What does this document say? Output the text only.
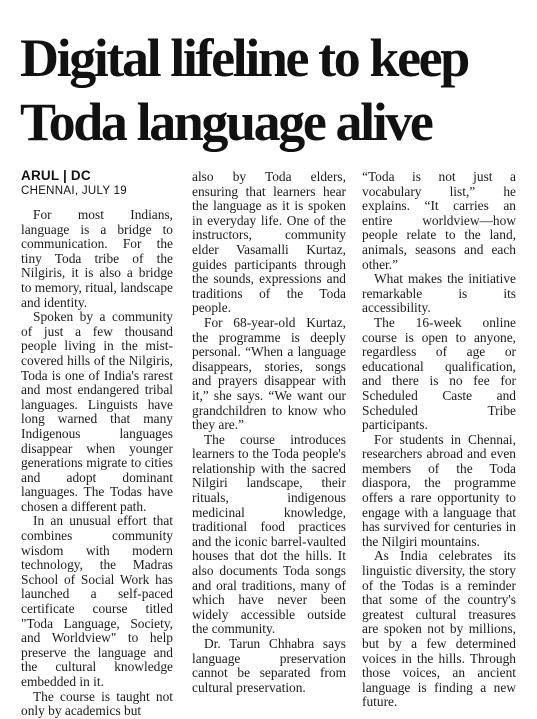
Digital lifeline to keep
Toda language alive
ARUL | DC
CHENNAI, JULY 19

For most Indians, language is a bridge to communication. For the tiny Toda tribe of the Nilgiris, it is also a bridge to memory, ritual, landscape and identity.

Spoken by a community of just a few thousand people living in the mist-covered hills of the Nilgiris, Toda is one of India's rarest and most endangered tribal languages. Linguists have long warned that many Indigenous languages disappear when younger generations migrate to cities and adopt dominant languages. The Todas have chosen a different path.

In an unusual effort that combines community wisdom with modern technology, the Madras School of Social Work has launched a self-paced certificate course titled "Toda Language, Society, and Worldview" to help preserve the language and the cultural knowledge embedded in it.

The course is taught not only by academics but

also by Toda elders, ensuring that learners hear the language as it is spoken in everyday life. One of the instructors, community elder Vasamalli Kurtaz, guides participants through the sounds, expressions and traditions of the Toda people.

For 68-year-old Kurtaz, the programme is deeply personal. “When a language disappears, stories, songs and prayers disappear with it,” she says. “We want our grandchildren to know who they are.”

The course introduces learners to the Toda people's relationship with the sacred Nilgiri landscape, their rituals, indigenous medicinal knowledge, traditional food practices and the iconic barrel-vaulted houses that dot the hills. It also documents Toda songs and oral traditions, many of which have never been widely accessible outside the community.

Dr. Tarun Chhabra says language preservation cannot be separated from cultural preservation.

“Toda is not just a vocabulary list,” he explains. “It carries an entire worldview—how people relate to the land, animals, seasons and each other.”

What makes the initiative remarkable is its accessibility.

The 16-week online course is open to anyone, regardless of age or educational qualification, and there is no fee for Scheduled Caste and Scheduled Tribe participants.

For students in Chennai, researchers abroad and even members of the Toda diaspora, the programme offers a rare opportunity to engage with a language that has survived for centuries in the Nilgiri mountains.

As India celebrates its linguistic diversity, the story of the Todas is a reminder that some of the country's greatest cultural treasures are spoken not by millions, but by a few determined voices in the hills. Through those voices, an ancient language is finding a new future.
